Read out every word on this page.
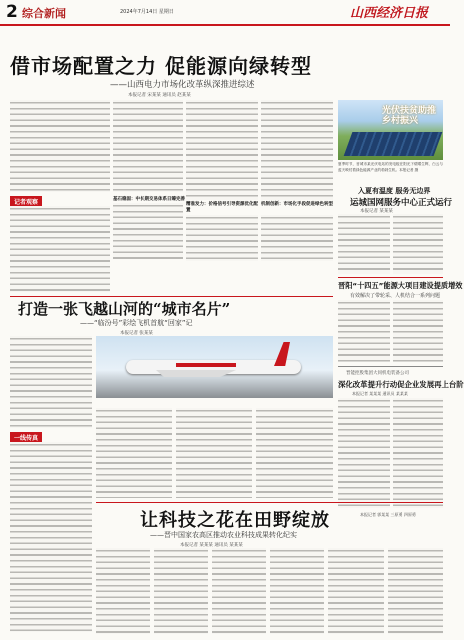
2 综合新闻	2024年7月14日 星期日	山西经济日报
借市场配置之力 促能源向绿转型
——山西电力市场化改革纵深推进综述
本报记者 宋某某 通讯员 赵某某
光伏扶贫助推乡村振兴
夏季时节，晋城市某光伏电站的发电板在阳光下熠熠生辉，白云与蓝天映衬着绿色能源产业的勃勃生机。本报记者 摄
记者观察	基石稳固：中长期交易体系日臻完善
精准发力：价格信号引导资源优化配置
机制创新：市场化手段促进绿色转型
入夏有温度 服务无边界
运城国网服务中心正式运行
本报记者 某某某
晋阳“十四五”能源大项目建设提质增效
有效解决了带轮采、人机结合一系列问题
晋能控股集团大同机电装备公司
深化改革提升行动促企业发展再上台阶
本报记者 某某某 通讯员 某某某
打造一张飞越山河的“城市名片”
——“临汾号”彩绘飞机首航“回家”记
本报记者 张某某
一线传真
让科技之花在田野绽放
——晋中国家农高区推动农业科技成果转化纪实
本报记者 某某某 通讯员 某某某
本报记者 郭某某 三原勇 四原勇
